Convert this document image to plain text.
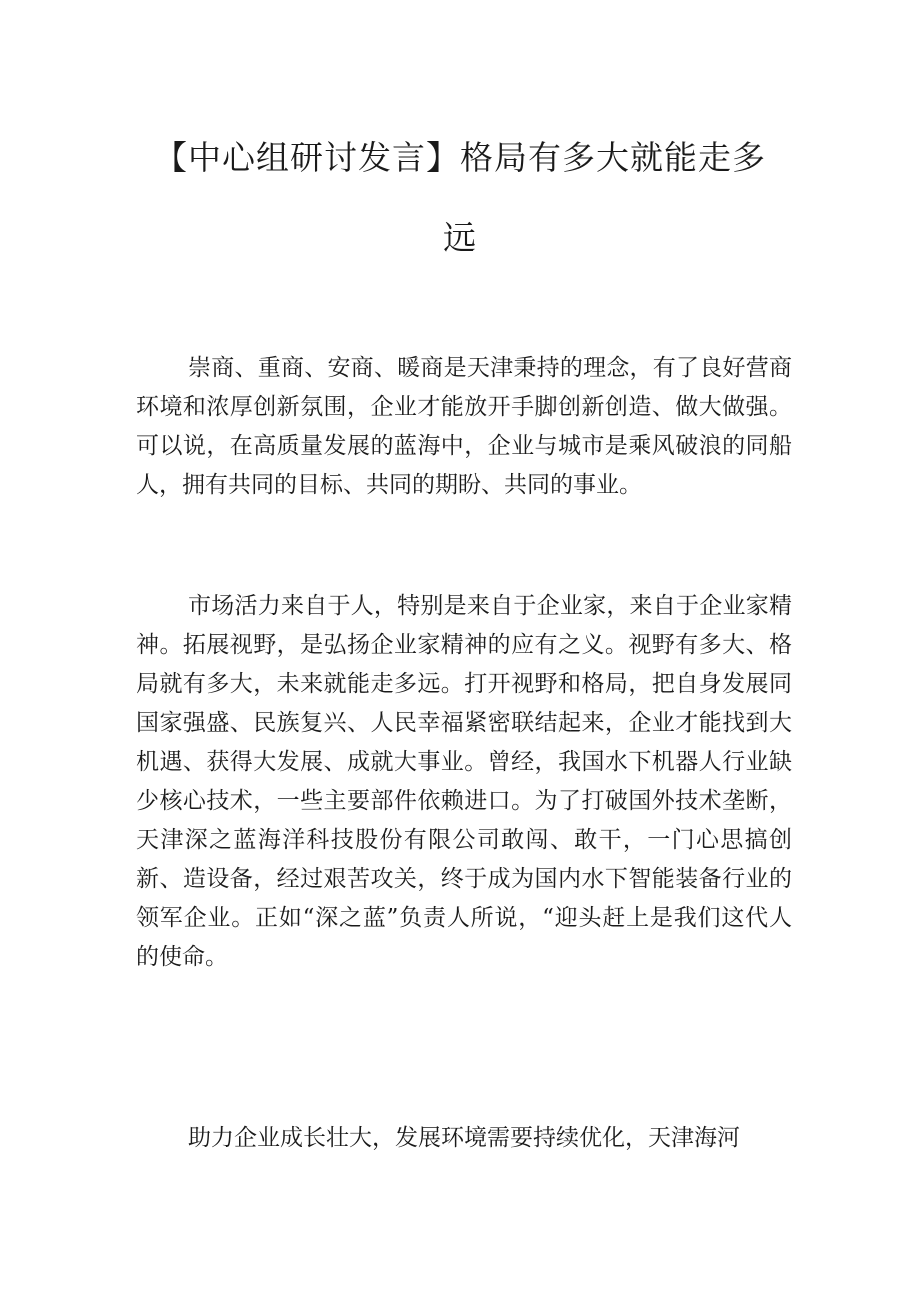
【中心组研讨发言】格局有多大就能走多
远

崇商、重商、安商、暖商是天津秉持的理念，有了良好营商环境和浓厚创新氛围，企业才能放开手脚创新创造、做大做强。可以说，在高质量发展的蓝海中，企业与城市是乘风破浪的同船人，拥有共同的目标、共同的期盼、共同的事业。

市场活力来自于人，特别是来自于企业家，来自于企业家精神。拓展视野，是弘扬企业家精神的应有之义。视野有多大、格局就有多大，未来就能走多远。打开视野和格局，把自身发展同国家强盛、民族复兴、人民幸福紧密联结起来，企业才能找到大机遇、获得大发展、成就大事业。曾经，我国水下机器人行业缺少核心技术，一些主要部件依赖进口。为了打破国外技术垄断，天津深之蓝海洋科技股份有限公司敢闯、敢干，一门心思搞创新、造设备，经过艰苦攻关，终于成为国内水下智能装备行业的领军企业。正如“深之蓝”负责人所说，“迎头赶上是我们这代人的使命。

助力企业成长壮大，发展环境需要持续优化，天津海河
